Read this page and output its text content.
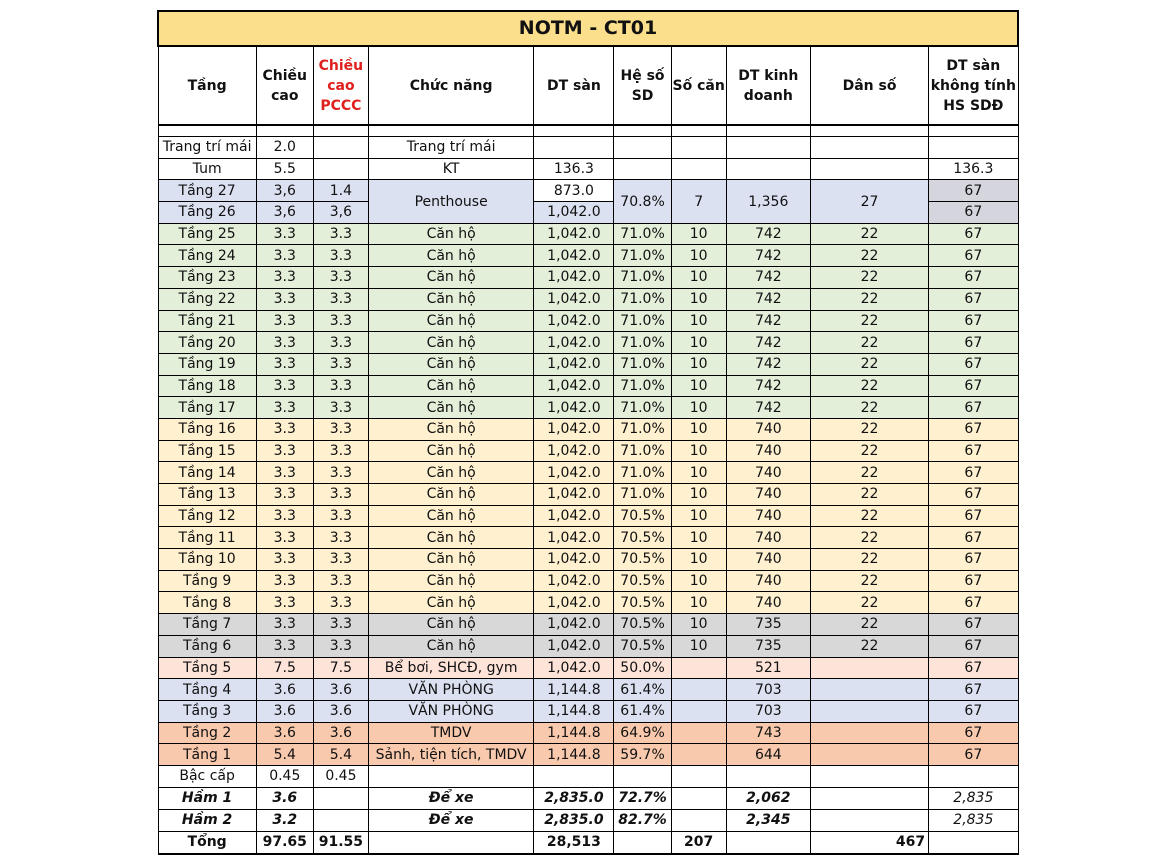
NOTM - CT01									
Tầng	Chiều cao	Chiều cao PCCC	Chức năng	DT sàn	Hệ số SD	Số căn	DT kinh doanh	Dân số	DT sàn không tính HS SDĐ

Trang trí mái	2.0		Trang trí mái						
Tum	5.5		KT	136.3					136.3
Tầng 27	3,6	1.4	Penthouse	873.0	70.8%	7	1,356	27	67
Tầng 26	3,6	3,6		1,042.0					67
Tầng 25	3.3	3.3	Căn hộ	1,042.0	71.0%	10	742	22	67
Tầng 24	3.3	3.3	Căn hộ	1,042.0	71.0%	10	742	22	67
Tầng 23	3.3	3.3	Căn hộ	1,042.0	71.0%	10	742	22	67
Tầng 22	3.3	3.3	Căn hộ	1,042.0	71.0%	10	742	22	67
Tầng 21	3.3	3.3	Căn hộ	1,042.0	71.0%	10	742	22	67
Tầng 20	3.3	3.3	Căn hộ	1,042.0	71.0%	10	742	22	67
Tầng 19	3.3	3.3	Căn hộ	1,042.0	71.0%	10	742	22	67
Tầng 18	3.3	3.3	Căn hộ	1,042.0	71.0%	10	742	22	67
Tầng 17	3.3	3.3	Căn hộ	1,042.0	71.0%	10	742	22	67
Tầng 16	3.3	3.3	Căn hộ	1,042.0	71.0%	10	740	22	67
Tầng 15	3.3	3.3	Căn hộ	1,042.0	71.0%	10	740	22	67
Tầng 14	3.3	3.3	Căn hộ	1,042.0	71.0%	10	740	22	67
Tầng 13	3.3	3.3	Căn hộ	1,042.0	71.0%	10	740	22	67
Tầng 12	3.3	3.3	Căn hộ	1,042.0	70.5%	10	740	22	67
Tầng 11	3.3	3.3	Căn hộ	1,042.0	70.5%	10	740	22	67
Tầng 10	3.3	3.3	Căn hộ	1,042.0	70.5%	10	740	22	67
Tầng 9	3.3	3.3	Căn hộ	1,042.0	70.5%	10	740	22	67
Tầng 8	3.3	3.3	Căn hộ	1,042.0	70.5%	10	740	22	67
Tầng 7	3.3	3.3	Căn hộ	1,042.0	70.5%	10	735	22	67
Tầng 6	3.3	3.3	Căn hộ	1,042.0	70.5%	10	735	22	67
Tầng 5	7.5	7.5	Bể bơi, SHCĐ, gym	1,042.0	50.0%		521		67
Tầng 4	3.6	3.6	VĂN PHÒNG	1,144.8	61.4%		703		67
Tầng 3	3.6	3.6	VĂN PHÒNG	1,144.8	61.4%		703		67
Tầng 2	3.6	3.6	TMDV	1,144.8	64.9%		743		67
Tầng 1	5.4	5.4	Sảnh, tiện tích, TMDV	1,144.8	59.7%		644		67
Bậc cấp	0.45	0.45							
Hầm 1	3.6		Để xe	2,835.0	72.7%		2,062		2,835
Hầm 2	3.2		Để xe	2,835.0	82.7%		2,345		2,835
Tổng	97.65	91.55		28,513		207		467	
